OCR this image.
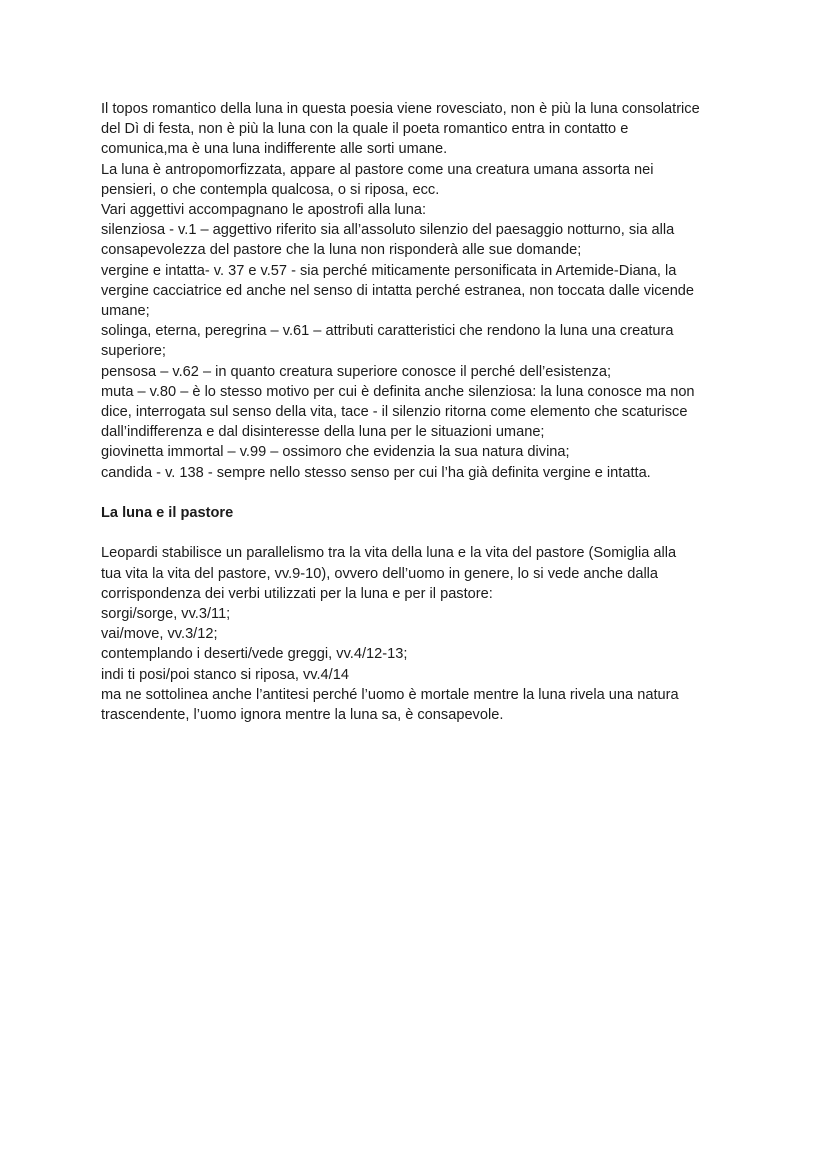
Il topos romantico della luna in questa poesia viene rovesciato, non è più la luna consolatrice
del Dì di festa, non è più la luna con la quale il poeta romantico entra in contatto e
comunica,ma è una luna indifferente alle sorti umane.
La luna è antropomorfizzata, appare al pastore come una creatura umana assorta nei
pensieri, o che contempla qualcosa, o si riposa, ecc.
Vari aggettivi accompagnano le apostrofi alla luna:
silenziosa - v.1 – aggettivo riferito sia all’assoluto silenzio del paesaggio notturno, sia alla
consapevolezza del pastore che la luna non risponderà alle sue domande;
vergine e intatta- v. 37 e v.57 - sia perché miticamente personificata in Artemide-Diana, la
vergine cacciatrice ed anche nel senso di intatta perché estranea, non toccata dalle vicende
umane;
solinga, eterna, peregrina – v.61 – attributi caratteristici che rendono la luna una creatura
superiore;
pensosa – v.62 – in quanto creatura superiore conosce il perché dell’esistenza;
muta – v.80 – è lo stesso motivo per cui è definita anche silenziosa: la luna conosce ma non
dice, interrogata sul senso della vita, tace - il silenzio ritorna come elemento che scaturisce
dall’indifferenza e dal disinteresse della luna per le situazioni umane;
giovinetta immortal – v.99 – ossimoro che evidenzia la sua natura divina;
candida - v. 138 - sempre nello stesso senso per cui l’ha già definita vergine e intatta.
La luna e il pastore
Leopardi stabilisce un parallelismo tra la vita della luna e la vita del pastore (Somiglia alla
tua vita la vita del pastore, vv.9-10), ovvero dell’uomo in genere, lo si vede anche dalla
corrispondenza dei verbi utilizzati per la luna e per il pastore:
sorgi/sorge, vv.3/11;
vai/move, vv.3/12;
contemplando i deserti/vede greggi, vv.4/12-13;
indi ti posi/poi stanco si riposa, vv.4/14
ma ne sottolinea anche l’antitesi perché l’uomo è mortale mentre la luna rivela una natura
trascendente, l’uomo ignora mentre la luna sa, è consapevole.
